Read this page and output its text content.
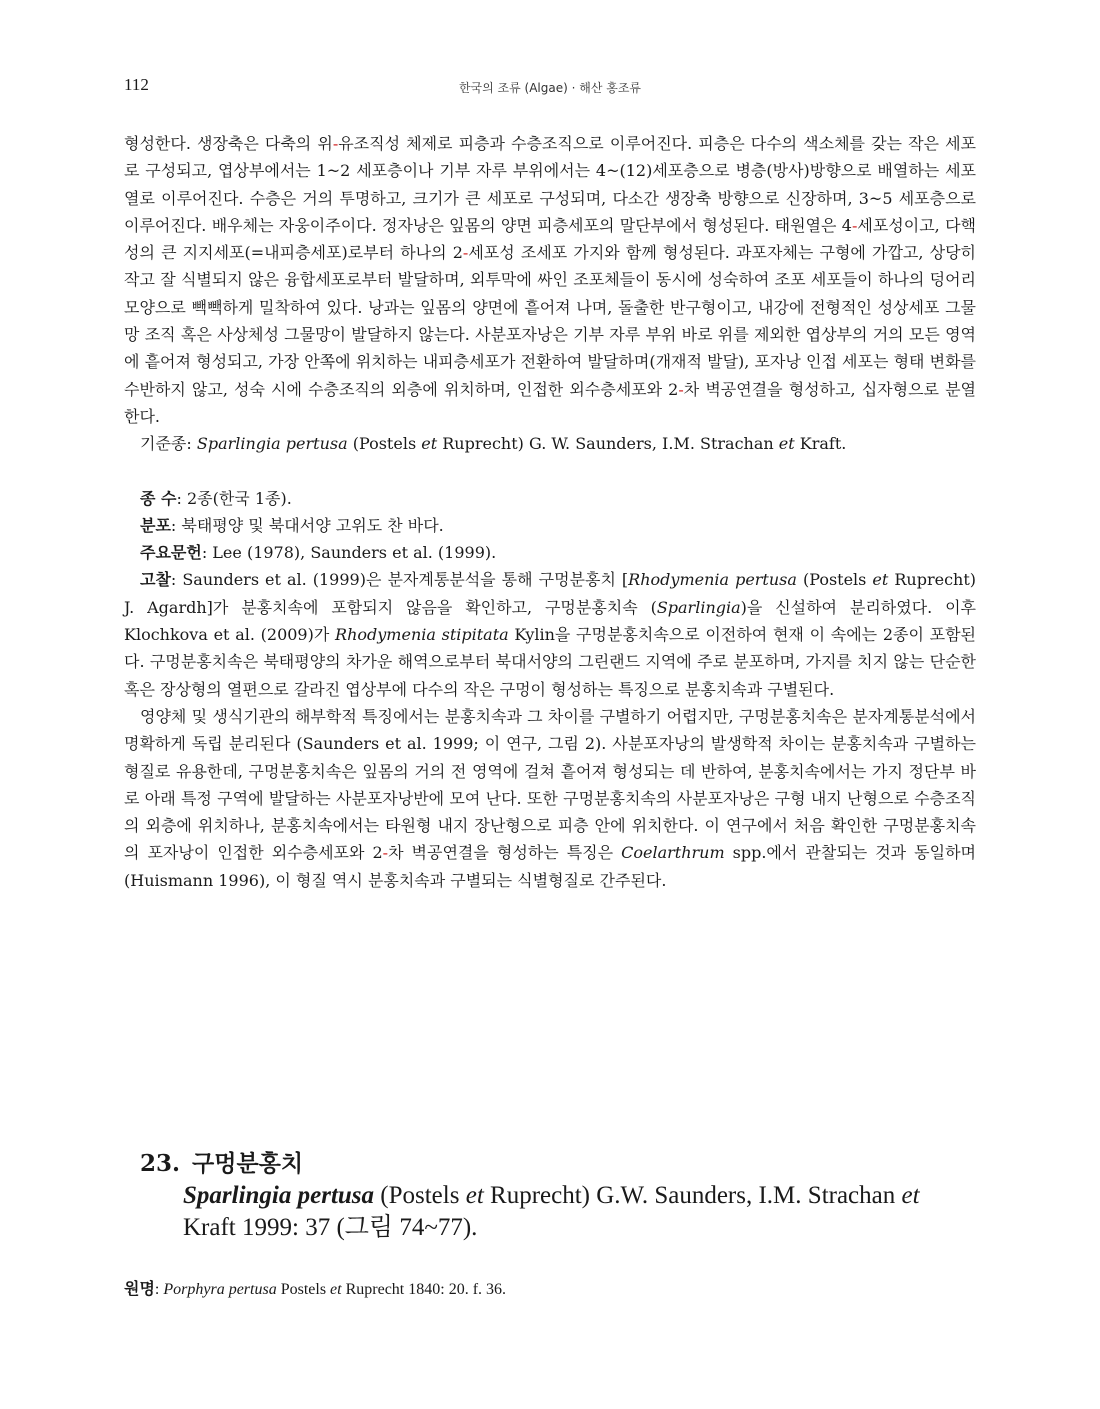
112	한국의 조류 (Algae) · 해산 홍조류

형성한다. 생장축은 다축의 위-유조직성 체제로 피층과 수층조직으로 이루어진다. 피층은 다수의 색소체를 갖는 작은 세포로 구성되고, 엽상부에서는 1~2 세포층이나 기부 자루 부위에서는 4~(12)세포층으로 병층(방사)방향으로 배열하는 세포열로 이루어진다. 수층은 거의 투명하고, 크기가 큰 세포로 구성되며, 다소간 생장축 방향으로 신장하며, 3~5 세포층으로 이루어진다. 배우체는 자웅이주이다. 정자낭은 잎몸의 양면 피층세포의 말단부에서 형성된다. 태원열은 4-세포성이고, 다핵성의 큰 지지세포(=내피층세포)로부터 하나의 2-세포성 조세포 가지와 함께 형성된다. 과포자체는 구형에 가깝고, 상당히 작고 잘 식별되지 않은 융합세포로부터 발달하며, 외투막에 싸인 조포체들이 동시에 성숙하여 조포 세포들이 하나의 덩어리 모양으로 빽빽하게 밀착하여 있다. 낭과는 잎몸의 양면에 흩어져 나며, 돌출한 반구형이고, 내강에 전형적인 성상세포 그물망 조직 혹은 사상체성 그물망이 발달하지 않는다. 사분포자낭은 기부 자루 부위 바로 위를 제외한 엽상부의 거의 모든 영역에 흩어져 형성되고, 가장 안쪽에 위치하는 내피층세포가 전환하여 발달하며(개재적 발달), 포자낭 인접 세포는 형태 변화를 수반하지 않고, 성숙 시에 수층조직의 외층에 위치하며, 인접한 외수층세포와 2-차 벽공연결을 형성하고, 십자형으로 분열한다.

기준종: Sparlingia pertusa (Postels et Ruprecht) G. W. Saunders, I.M. Strachan et Kraft.

종 수: 2종(한국 1종).

분포: 북태평양 및 북대서양 고위도 찬 바다.

주요문헌: Lee (1978), Saunders et al. (1999).

고찰: Saunders et al. (1999)은 분자계통분석을 통해 구멍분홍치 [Rhodymenia pertusa (Postels et Ruprecht) J. Agardh]가 분홍치속에 포함되지 않음을 확인하고, 구멍분홍치속 (Sparlingia)을 신설하여 분리하였다. 이후 Klochkova et al. (2009)가 Rhodymenia stipitata Kylin을 구멍분홍치속으로 이전하여 현재 이 속에는 2종이 포함된다. 구멍분홍치속은 북태평양의 차가운 해역으로부터 북대서양의 그린랜드 지역에 주로 분포하며, 가지를 치지 않는 단순한 혹은 장상형의 열편으로 갈라진 엽상부에 다수의 작은 구멍이 형성하는 특징으로 분홍치속과 구별된다.

영양체 및 생식기관의 해부학적 특징에서는 분홍치속과 그 차이를 구별하기 어렵지만, 구멍분홍치속은 분자계통분석에서 명확하게 독립 분리된다 (Saunders et al. 1999; 이 연구, 그림 2). 사분포자낭의 발생학적 차이는 분홍치속과 구별하는 형질로 유용한데, 구멍분홍치속은 잎몸의 거의 전 영역에 걸쳐 흩어져 형성되는 데 반하여, 분홍치속에서는 가지 정단부 바로 아래 특정 구역에 발달하는 사분포자낭반에 모여 난다. 또한 구멍분홍치속의 사분포자낭은 구형 내지 난형으로 수층조직의 외층에 위치하나, 분홍치속에서는 타원형 내지 장난형으로 피층 안에 위치한다. 이 연구에서 처음 확인한 구멍분홍치속의 포자낭이 인접한 외수층세포와 2-차 벽공연결을 형성하는 특징은 Coelarthrum spp.에서 관찰되는 것과 동일하며 (Huismann 1996), 이 형질 역시 분홍치속과 구별되는 식별형질로 간주된다.

23. 구멍분홍치
Sparlingia pertusa (Postels et Ruprecht) G.W. Saunders, I.M. Strachan et
Kraft 1999: 37 (그림 74~77).
원명: Porphyra pertusa Postels et Ruprecht 1840: 20. f. 36.
